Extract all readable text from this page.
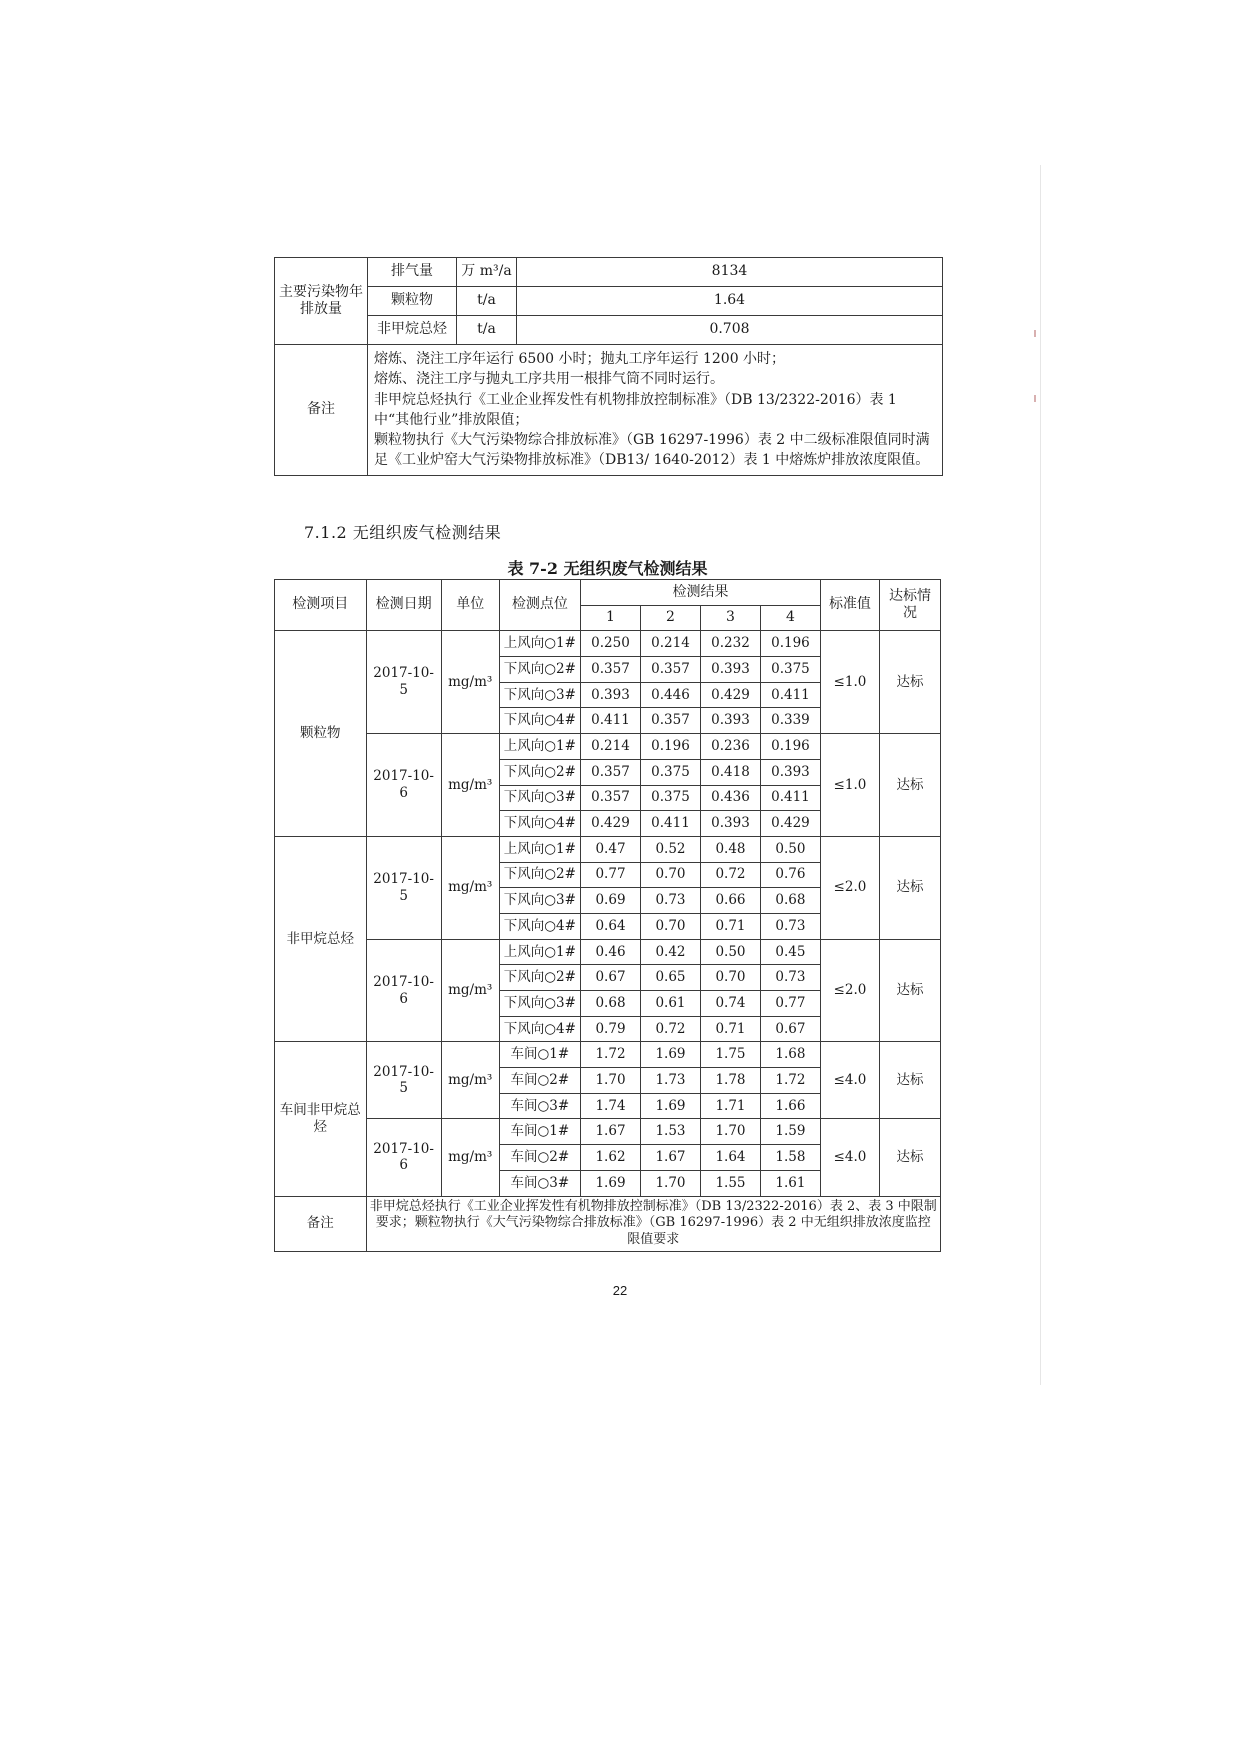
主要污染物年排放量	排气量	万 m³/a	8134
	颗粒物	t/a	1.64
	非甲烷总烃	t/a	0.708
备注	熔炼、浇注工序年运行 6500 小时；抛丸工序年运行 1200 小时；
熔炼、浇注工序与抛丸工序共用一根排气筒不同时运行。
非甲烷总烃执行《工业企业挥发性有机物排放控制标准》（DB 13/2322-2016）表 1 中“其他行业”排放限值；
颗粒物执行《大气污染物综合排放标准》（GB 16297-1996）表 2 中二级标准限值同时满足《工业炉窑大气污染物排放标准》（DB13/ 1640-2012）表 1 中熔炼炉排放浓度限值。		
7.1.2 无组织废气检测结果
表 7-2 无组织废气检测结果
检测项目	检测日期	单位	检测点位	检测结果				标准值	达标情况
				1	2	3	4		
颗粒物	2017-10-5	mg/m³	上风向○1#	0.250	0.214	0.232	0.196	≤1.0	达标
			下风向○2#	0.357	0.357	0.393	0.375		
			下风向○3#	0.393	0.446	0.429	0.411		
			下风向○4#	0.411	0.357	0.393	0.339		
	2017-10-6	mg/m³	上风向○1#	0.214	0.196	0.236	0.196	≤1.0	达标
			下风向○2#	0.357	0.375	0.418	0.393		
			下风向○3#	0.357	0.375	0.436	0.411		
			下风向○4#	0.429	0.411	0.393	0.429		
非甲烷总烃	2017-10-5	mg/m³	上风向○1#	0.47	0.52	0.48	0.50	≤2.0	达标
			下风向○2#	0.77	0.70	0.72	0.76		
			下风向○3#	0.69	0.73	0.66	0.68		
			下风向○4#	0.64	0.70	0.71	0.73		
	2017-10-6	mg/m³	上风向○1#	0.46	0.42	0.50	0.45	≤2.0	达标
			下风向○2#	0.67	0.65	0.70	0.73		
			下风向○3#	0.68	0.61	0.74	0.77		
			下风向○4#	0.79	0.72	0.71	0.67		
车间非甲烷总烃	2017-10-5	mg/m³	车间○1#	1.72	1.69	1.75	1.68	≤4.0	达标
			车间○2#	1.70	1.73	1.78	1.72		
			车间○3#	1.74	1.69	1.71	1.66		
	2017-10-6	mg/m³	车间○1#	1.67	1.53	1.70	1.59	≤4.0	达标
			车间○2#	1.62	1.67	1.64	1.58		
			车间○3#	1.69	1.70	1.55	1.61		
备注	非甲烷总烃执行《工业企业挥发性有机物排放控制标准》（DB 13/2322-2016）表 2、表 3 中限制要求；颗粒物执行《大气污染物综合排放标准》（GB 16297-1996）表 2 中无组织排放浓度监控限值要求								
22
